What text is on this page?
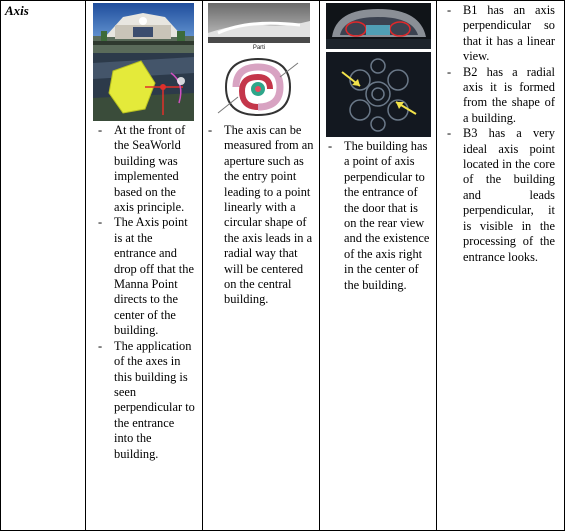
Axis
- At the front of the SeaWorld building was implemented based on the axis principle.
- The Axis point is at the entrance and drop off that the Manna Point directs to the center of the building.
- The application of the axes in this building is seen perpendicular to the entrance into the building.
Parti
- The axis can be measured from an aperture such as the entry point leading to a point linearly with a circular shape of the axis leads in a radial way that will be centered on the central building.
- The building has a point of axis perpendicular to the entrance of the door that is on the rear view and the existence of the axis right in the center of the building.
- B1 has an axis perpendicular so that it has a linear view.
- B2 has a radial axis it is formed from the shape of a building.
- B3 has a very ideal axis point located in the core of the building and leads perpendicular, it is visible in the processing of the entrance looks.
